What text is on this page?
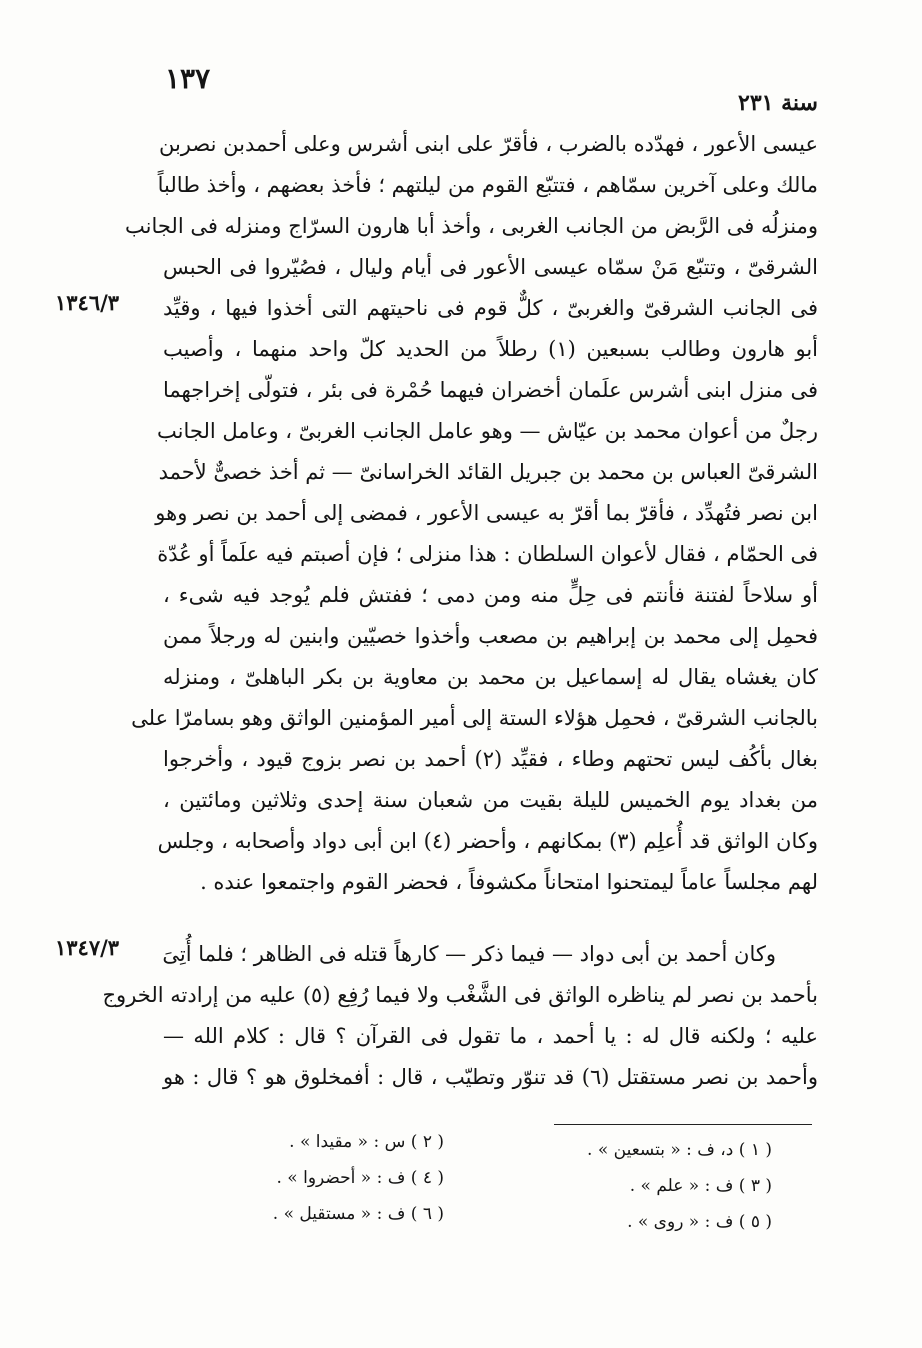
١٣٧
سنة ٢٣١
١٣٤٦/٣
١٣٤٧/٣
عيسى الأعور ، فهدّده بالضرب ، فأقرّ على ابنى أشرس وعلى أحمدبن نصربن
مالك وعلى آخرين سمّاهم ، فتتبّع القوم من ليلتهم ؛ فأخذ بعضهم ، وأخذ طالباً
ومنزلُه فى الرَّبض من الجانب الغربى ، وأخذ أبا هارون السرّاج ومنزله فى الجانب
الشرقىّ ، وتتبّع مَنْ سمّاه عيسى الأعور فى أيام وليال ، فصُيّروا فى الحبس
فى الجانب الشرقىّ والغربىّ ، كلٌّ قوم فى ناحيتهم التى أخذوا فيها ، وقيِّد
أبو هارون وطالب بسبعين (١) رطلاً من الحديد كلّ واحد منهما ، وأصيب
فى منزل ابنى أشرس علَمان أخضران فيهما حُمْرة فى بئر ، فتولّى إخراجهما
رجلٌ من أعوان محمد بن عيّاش — وهو عامل الجانب الغربىّ ، وعامل الجانب
الشرقىّ العباس بن محمد بن جبريل القائد الخراسانىّ — ثم أخذ خصىٌّ لأحمد
ابن نصر فتُهدِّد ، فأقرّ بما أقرّ به عيسى الأعور ، فمضى إلى أحمد بن نصر وهو
فى الحمّام ، فقال لأعوان السلطان : هذا منزلى ؛ فإن أصبتم فيه علَماً أو عُدّة
أو سلاحاً لفتنة فأنتم فى حِلٍّ منه ومن دمى ؛ ففتش فلم يُوجد فيه شىء ،
فحمِل إلى محمد بن إبراهيم بن مصعب وأخذوا خصيّين وابنين له ورجلاً ممن
كان يغشاه يقال له إسماعيل بن محمد بن معاوية بن بكر الباهلىّ ، ومنزله
بالجانب الشرقىّ ، فحمِل هؤلاء الستة إلى أمير المؤمنين الواثق وهو بسامرّا على
بغال بأكُف ليس تحتهم وطاء ، فقيِّد (٢) أحمد بن نصر بزوج قيود ، وأخرجوا
من بغداد يوم الخميس لليلة بقيت من شعبان سنة إحدى وثلاثين ومائتين ،
وكان الواثق قد أُعلِم (٣) بمكانهم ، وأحضر (٤) ابن أبى دواد وأصحابه ، وجلس
لهم مجلساً عاماً ليمتحنوا امتحاناً مكشوفاً ، فحضر القوم واجتمعوا عنده .
وكان أحمد بن أبى دواد — فيما ذكر — كارهاً قتله فى الظاهر ؛ فلما أُتِىَ
بأحمد بن نصر لم يناظره الواثق فى الشَّغْب ولا فيما رُفِع (٥) عليه من إرادته الخروج
عليه ؛ ولكنه قال له : يا أحمد ، ما تقول فى القرآن ؟ قال : كلام الله —
وأحمد بن نصر مستقتل (٦) قد تنوّر وتطيّب ، قال : أفمخلوق هو ؟ قال : هو
( ١ ) د، ف : « بتسعين » .
( ٣ ) ف : « علم » .
( ٥ ) ف : « روى » .
( ٢ ) س : « مقيدا » .
( ٤ ) ف : « أحضروا » .
( ٦ ) ف : « مستقيل » .
